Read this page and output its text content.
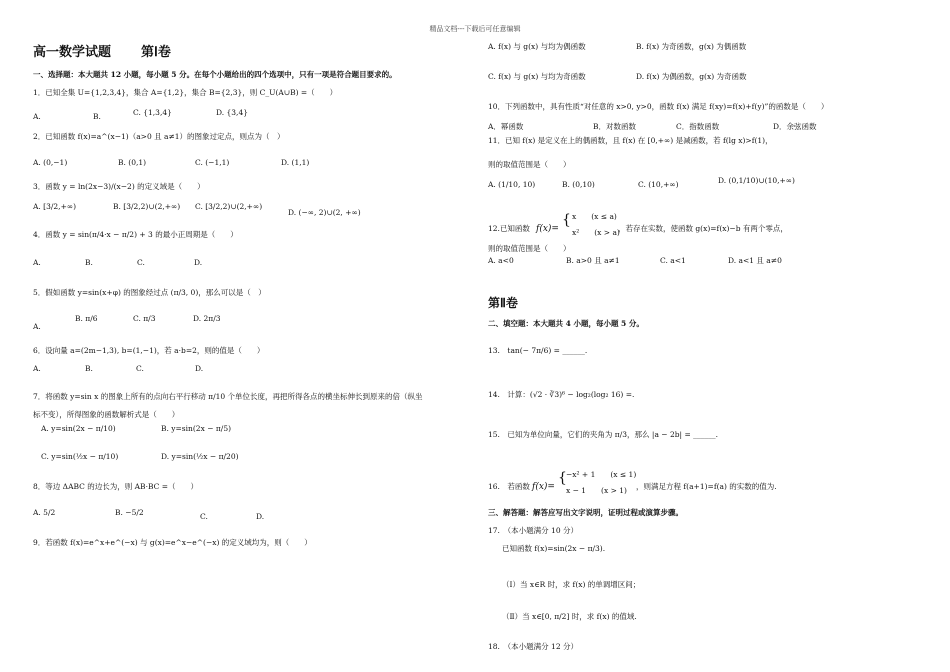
精品文档---下载后可任意编辑
高一数学试题 第Ⅰ卷
一、选择题：本大题共 12 小题，每小题 5 分。在每个小题给出的四个选项中，只有一项是符合题目要求的。
1．已知全集 U={1,2,3,4}，集合 A={1,2}，集合 B={2,3}，则 C_U(A∪B) =（　　）
A.	B.	C. {1,3,4}	D. {3,4}
2．已知函数 f(x)=a^(x−1)（a>0 且 a≠1）的图象过定点，则点为（　）
A. (0,−1)	B. (0,1)	C. (−1,1)	D. (1,1)
3．函数 y = ln(2x−3)/(x−2) 的定义域是（　　）
A. [3/2,+∞)	B. [3/2,2)∪(2,+∞) C. [3/2,2)∪(2,+∞)
D. (−∞, 2)∪(2, +∞)
4．函数 y = sin(π/4·x − π/2) + 3 的最小正周期是（　　）
A.	B.	C.	D.
5．假如函数 y=sin(x+φ) 的图象经过点 (π/3, 0)，那么可以是（　）
A.
B. π/6	C. π/3	D. 2π/3
6．设向量 a=(2m−1,3), b=(1,−1)，若 a·b=2，则的值是（　　）
A.	B.	C.	D.
7．将函数 y=sin x 的图象上所有的点向右平行移动 π/10 个单位长度，再把所得各点的横坐标伸长到原来的倍（纵坐
标不变），所得图象的函数解析式是（　　）
A. y=sin(2x − π/10)	B. y=sin(2x − π/5)
C. y=sin(½x − π/10)	D. y=sin(½x − π/20)
8．等边 ΔABC 的边长为，则 AB·BC =（　　）
A. 5/2	B. −5/2	C.	D.
9．若函数 f(x)=e^x+e^(−x) 与 g(x)=e^x−e^(−x) 的定义域均为，则（　　）
A. f(x) 与 g(x) 与均为偶函数	B. f(x) 为奇函数，g(x) 为偶函数
C. f(x) 与 g(x) 与均为奇函数	D. f(x) 为偶函数，g(x) 为奇函数
10．下列函数中，具有性质“对任意的 x>0, y>0，函数 f(x) 满足 f(xy)=f(x)+f(y)”的函数是（　　）
A．幂函数	B．对数函数	C．指数函数	D．余弦函数
11．已知 f(x) 是定义在上的偶函数，且 f(x) 在 [0,+∞) 是减函数，若 f(lg x)>f(1)，
则的取值范围是（　　）
A. (1/10, 10)	B. (0,10)	C. (10,+∞)	D. (0,1/10)∪(10,+∞)
12.已知函数 f(x)=
{ x　　(x ≤ a)
x²　　(x > a)
，若存在实数，使函数 g(x)=f(x)−b 有两个零点，
则的取值范围是（　　）
A. a<0	B. a>0 且 a≠1	C. a<1	D. a<1 且 a≠0
第Ⅱ卷
二、填空题：本大题共 4 小题，每小题 5 分。
13.　tan(− 7π/6) = ______.
14.　计算：(√2 · ∛3)⁶ − log₂(log₂ 16) =.
15.　已知为单位向量，它们的夹角为 π/3，那么 |a − 2b| = ______.
16.　若函数 f(x)=
{ −x² + 1　　(x ≤ 1)
x − 1　　(x > 1) ，则满足方程 f(a+1)=f(a) 的实数的值为.
三、解答题：解答应写出文字说明，证明过程或演算步骤。
17.　（本小题满分 10 分）
已知函数 f(x)=sin(2x − π/3).
（Ⅰ）当 x∈R 时，求 f(x) 的单调增区间；
（Ⅱ）当 x∈[0, π/2] 时，求 f(x) 的值域.
18.　（本小题满分 12 分）
